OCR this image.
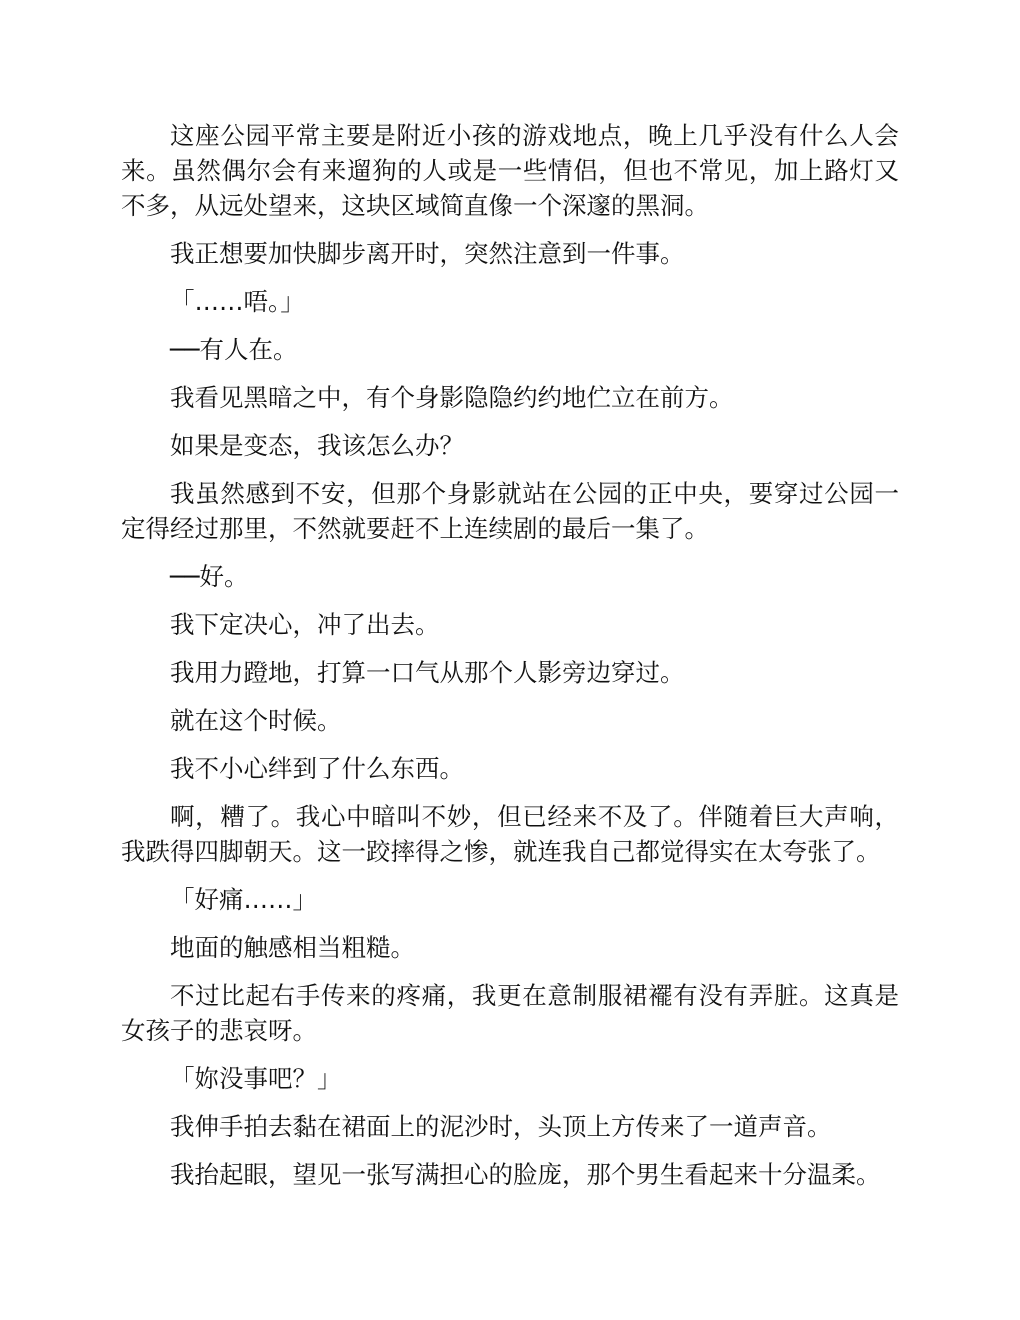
这座公园平常主要是附近小孩的游戏地点，晚上几乎没有什么人会来。虽然偶尔会有来遛狗的人或是一些情侣，但也不常见，加上路灯又不多，从远处望来，这块区域简直像一个深邃的黑洞。

我正想要加快脚步离开时，突然注意到一件事。

「……唔。」

──有人在。

我看见黑暗之中，有个身影隐隐约约地伫立在前方。

如果是变态，我该怎么办？

我虽然感到不安，但那个身影就站在公园的正中央，要穿过公园一定得经过那里，不然就要赶不上连续剧的最后一集了。

──好。

我下定决心，冲了出去。

我用力蹬地，打算一口气从那个人影旁边穿过。

就在这个时候。

我不小心绊到了什么东西。

啊，糟了。我心中暗叫不妙，但已经来不及了。伴随着巨大声响，我跌得四脚朝天。这一跤摔得之惨，就连我自己都觉得实在太夸张了。

「好痛……」

地面的触感相当粗糙。

不过比起右手传来的疼痛，我更在意制服裙襬有没有弄脏。这真是女孩子的悲哀呀。

「妳没事吧？」

我伸手拍去黏在裙面上的泥沙时，头顶上方传来了一道声音。

我抬起眼，望见一张写满担心的脸庞，那个男生看起来十分温柔。
